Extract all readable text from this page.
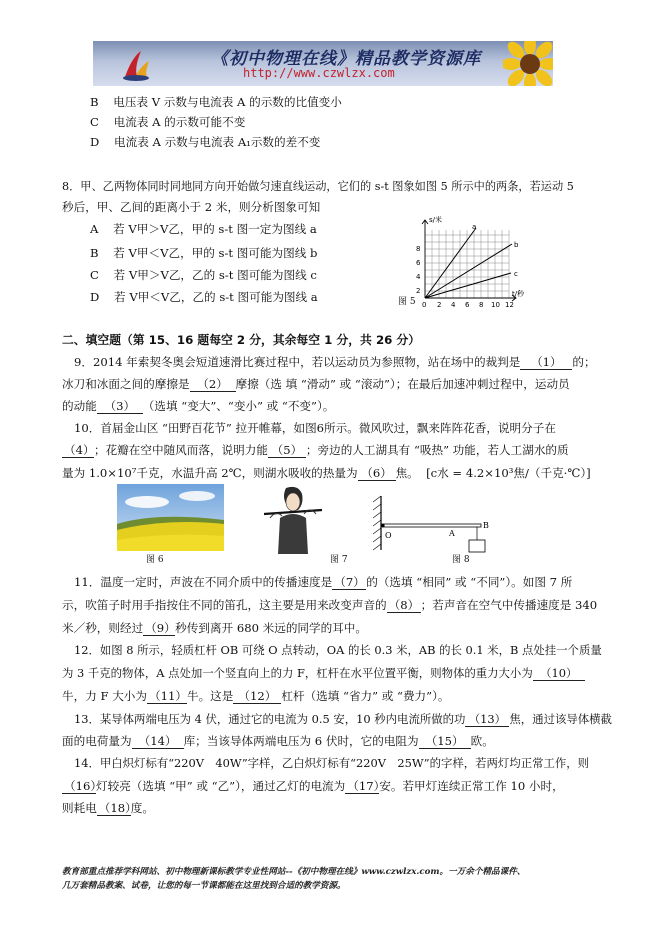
《初中物理在线》精品教学资源库
http://www.czwlzx.com
B 电压表 V 示数与电流表 A 的示数的比值变小
C 电流表 A 的示数可能不变
D 电流表 A 示数与电流表 A₁示数的差不变
8．甲、乙两物体同时同地同方向开始做匀速直线运动，它们的 s-t 图象如图 5 所示中的两条，若运动 5
秒后，甲、乙间的距离小于 2 米，则分析图象可知
A 若 V甲＞V乙，甲的 s-t 图一定为图线 a
B 若 V甲＜V乙，甲的 s-t 图可能为图线 b
C 若 V甲＞V乙，乙的 s-t 图可能为图线 c
D 若 V甲＜V乙，乙的 s-t 图可能为图线 a
s/米
t/秒
a
b
c
2
4
6
8
0 2 4 6 8 10 12
图 5
二、填空题（第 15、16 题每空 2 分，其余每空 1 分，共 26 分）
9．2014 年索契冬奥会短道速滑比赛过程中，若以运动员为参照物，站在场中的裁判是 （1） 的；
冰刀和冰面之间的摩擦是 （2） 摩擦（选 填 “滑动” 或 “滚动”）；在最后加速冲刺过程中，运动员
的动能 （3） （选填 “变大”、“变小” 或 “不变”）。
10．首届金山区 “田野百花节” 拉开帷幕，如图6所示。微风吹过，飘来阵阵花香，说明分子在
（4）；花瓣在空中随风而落，说明力能 （5） ；旁边的人工湖具有 “吸热” 功能，若人工湖水的质
量为 1.0×10⁷千克，水温升高 2℃，则湖水吸收的热量为 （6） 焦。 [c水 = 4.2×10³焦/（千克·℃）]
图 6	图 7
O	A
B
图 8
11．温度一定时，声波在不同介质中的传播速度是 （7）的（选填 “相同” 或 “不同”）。如图 7 所
示，吹笛子时用手指按住不同的笛孔，这主要是用来改变声音的 （8）；若声音在空气中传播速度是 340
米／秒，则经过 （9）秒传到离开 680 米远的同学的耳中。
12．如图 8 所示，轻质杠杆 OB 可绕 O 点转动，OA 的长 0.3 米，AB 的长 0.1 米，B 点处挂一个质量
为 3 千克的物体，A 点处加一个竖直向上的力 F，杠杆在水平位置平衡，则物体的重力大小为 （10）
牛，力 F 大小为 （11）牛。这是 （12） 杠杆（选填 “省力” 或 “费力”）。
13．某导体两端电压为 4 伏，通过它的电流为 0.5 安，10 秒内电流所做的功 （13） 焦，通过该导体横截
面的电荷量为 （14） 库；当该导体两端电压为 6 伏时，它的电阻为 （15） 欧。
14．甲白炽灯标有“220V　40W”字样，乙白炽灯标有“220V　25W”的字样，若两灯均正常工作，则
（16）灯较亮（选填 “甲” 或 “乙”），通过乙灯的电流为 （17）安。若甲灯连续正常工作 10 小时，
则耗电 （18）度。
教育部重点推荐学科网站、初中物理新课标教学专业性网站--《初中物理在线》www.czwlzx.com。一万余个精品课件、
几万套精品教案、试卷，让您的每一节课都能在这里找到合适的教学资源。
